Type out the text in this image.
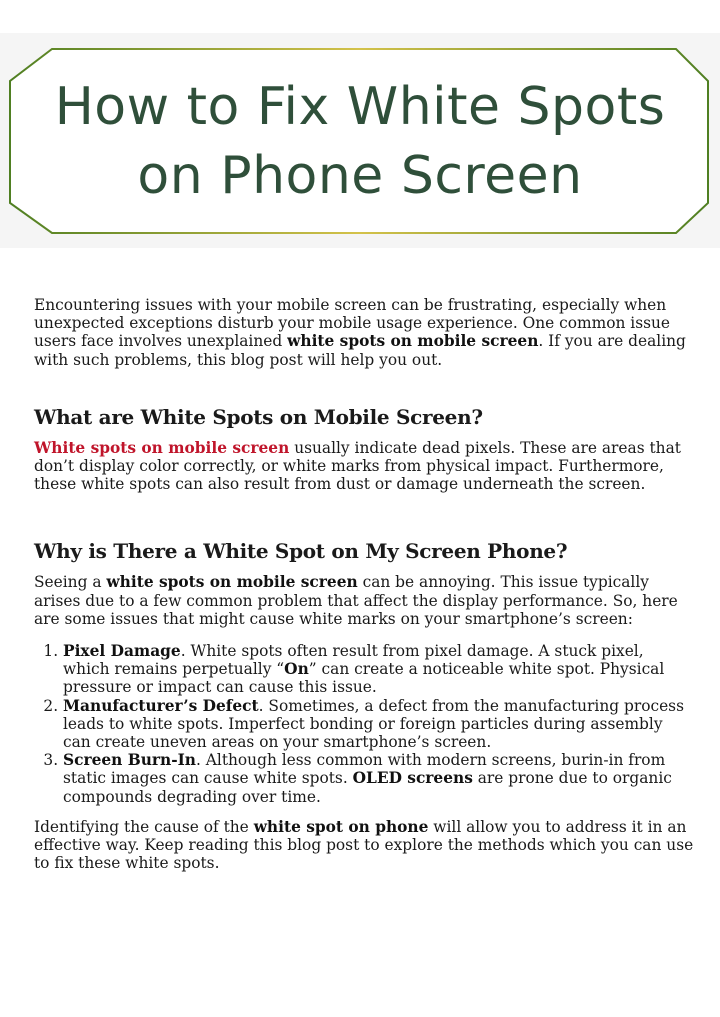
How to Fix White Spots
on Phone Screen

Encountering issues with your mobile screen can be frustrating, especially when unexpected exceptions disturb your mobile usage experience. One common issue users face involves unexplained white spots on mobile screen. If you are dealing with such problems, this blog post will help you out.

What are White Spots on Mobile Screen?

White spots on mobile screen usually indicate dead pixels. These are areas that don’t display color correctly, or white marks from physical impact. Furthermore, these white spots can also result from dust or damage underneath the screen.

Why is There a White Spot on My Screen Phone?

Seeing a white spots on mobile screen can be annoying. This issue typically arises due to a few common problem that affect the display performance. So, here are some issues that might cause white marks on your smartphone’s screen:

1. Pixel Damage. White spots often result from pixel damage. A stuck pixel, which remains perpetually “On” can create a noticeable white spot. Physical pressure or impact can cause this issue.
2. Manufacturer’s Defect. Sometimes, a defect from the manufacturing process leads to white spots. Imperfect bonding or foreign particles during assembly can create uneven areas on your smartphone’s screen.
3. Screen Burn-In. Although less common with modern screens, burin-in from static images can cause white spots. OLED screens are prone due to organic compounds degrading over time.

Identifying the cause of the white spot on phone will allow you to address it in an effective way. Keep reading this blog post to explore the methods which you can use to fix these white spots.
